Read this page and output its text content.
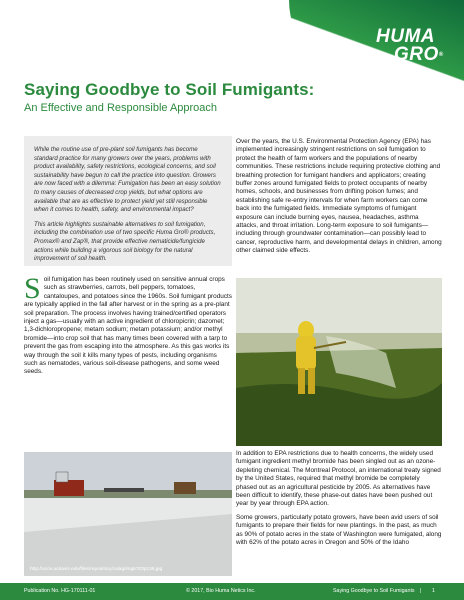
HUMA
GRO®
Saying Goodbye to Soil Fumigants:
An Effective and Responsible Approach

While the routine use of pre-plant soil fumigants has become standard practice for many growers over the years, problems with product availability, safety restrictions, ecological concerns, and soil sustainability have begun to call the practice into question. Growers are now faced with a dilemma: Fumigation has been an easy solution to many causes of decreased crop yields, but what options are available that are as effective to protect yield yet still responsible when it comes to health, safety, and environmental impact?

This article highlights sustainable alternatives to soil fumigation, including the combination use of two specific Huma Gro® products, Promax® and Zap®, that provide effective nematicide/fungicide actions while building a vigorous soil biology for the natural improvement of soil health.

S oil fumigation has been routinely used on sensitive annual crops such as strawberries, carrots, bell peppers, tomatoes, cantaloupes, and potatoes since the 1960s. Soil fumigant products are typically applied in the fall after harvest or in the spring as a pre-plant soil preparation. The process involves having trained/certified operators inject a gas—usually with an active ingredient of chloropicrin; dazomet; 1,3-dichloropropene; metam sodium; metam potassium; and/or methyl bromide—into crop soil that has many times been covered with a tarp to prevent the gas from escaping into the atmosphere. As this gas works its way through the soil it kills many types of pests, including organisms such as nematodes, various soil-disease pathogens, and some weed seeds.

Over the years, the U.S. Environmental Protection Agency (EPA) has implemented increasingly stringent restrictions on soil fumigation to protect the health of farm workers and the populations of nearby communities. These restrictions include requiring protective clothing and breathing protection for fumigant handlers and applicators; creating buffer zones around fumigated fields to protect occupants of nearby homes, schools, and businesses from drifting poison fumes; and establishing safe re-entry intervals for when farm workers can come back into the fumigated fields. Immediate symptoms of fumigant exposure can include burning eyes, nausea, headaches, asthma attacks, and throat irritation. Long-term exposure to soil fumigants—including through groundwater contamination—can possibly lead to cancer, reproductive harm, and developmental delays in children, among other claimed side effects.

http://ucce.ucdavis.edu/files/repository/calag/img6703p136.jpg

In addition to EPA restrictions due to health concerns, the widely used fumigant ingredient methyl bromide has been singled out as an ozone-depleting chemical. The Montreal Protocol, an international treaty signed by the United States, required that methyl bromide be completely phased out as an agricultural pesticide by 2005. As alternatives have been difficult to identify, these phase-out dates have been pushed out year by year through EPA action.

Some growers, particularly potato growers, have been avid users of soil fumigants to prepare their fields for new plantings. In the past, as much as 90% of potato acres in the state of Washington were fumigated, along with 62% of the potato acres in Oregon and 50% of the Idaho

Publication No. HG-170111-01	© 2017, Bio Huma Netics Inc.	Saying Goodbye to Soil Fumigants | 1
